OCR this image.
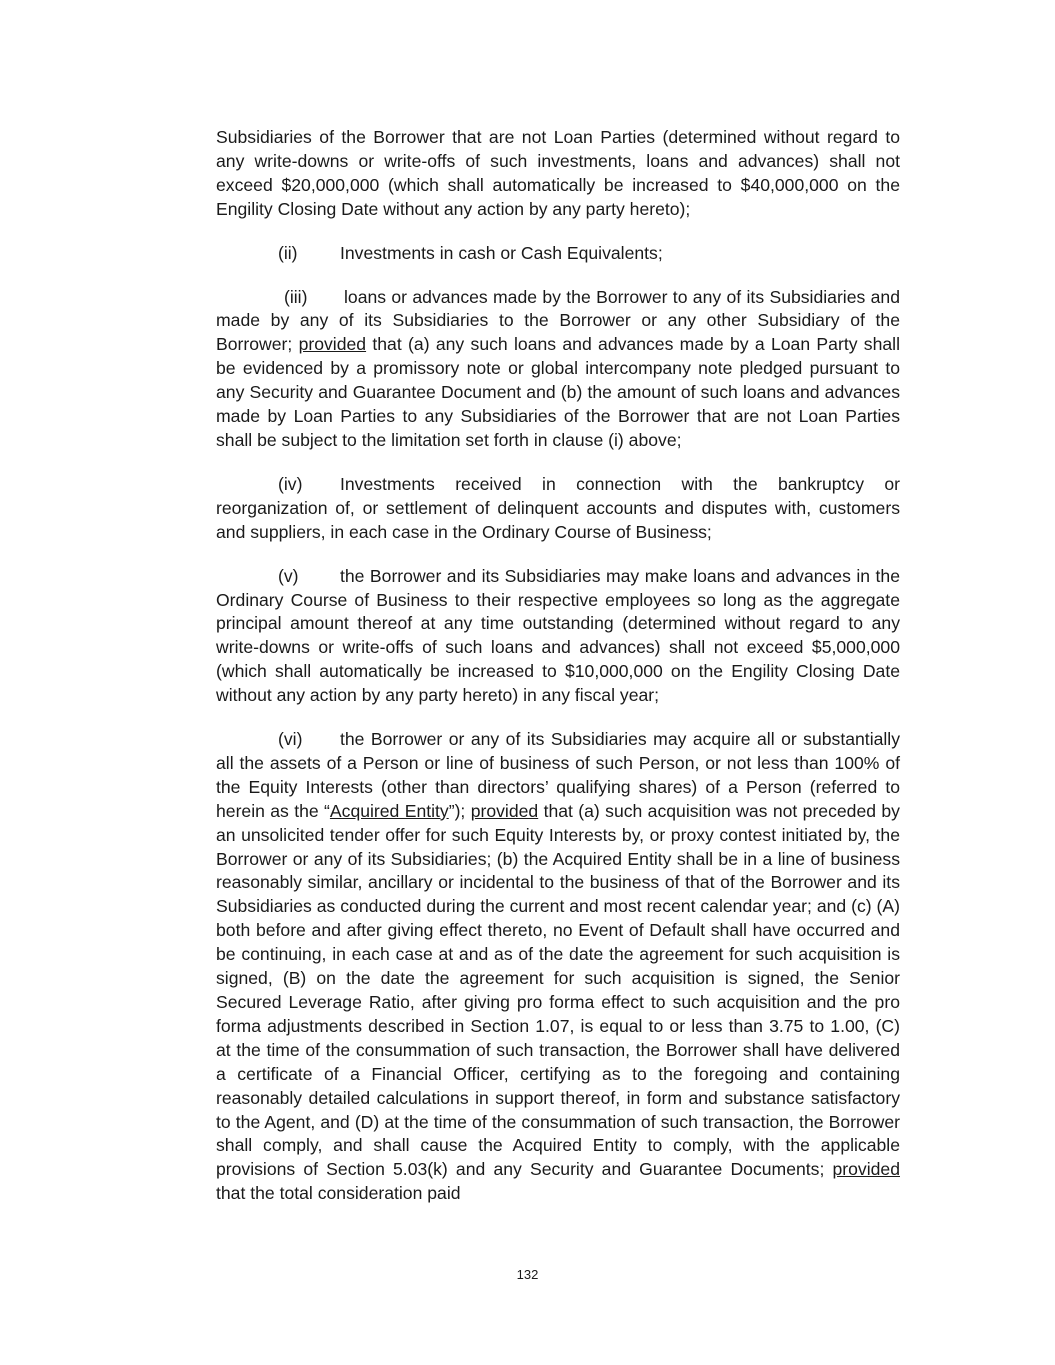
Subsidiaries of the Borrower that are not Loan Parties (determined without regard to any write-downs or write-offs of such investments, loans and advances) shall not exceed $20,000,000 (which shall automatically be increased to $40,000,000 on the Engility Closing Date without any action by any party hereto);

(ii) Investments in cash or Cash Equivalents;

(iii) loans or advances made by the Borrower to any of its Subsidiaries and made by any of its Subsidiaries to the Borrower or any other Subsidiary of the Borrower; provided that (a) any such loans and advances made by a Loan Party shall be evidenced by a promissory note or global intercompany note pledged pursuant to any Security and Guarantee Document and (b) the amount of such loans and advances made by Loan Parties to any Subsidiaries of the Borrower that are not Loan Parties shall be subject to the limitation set forth in clause (i) above;

(iv) Investments received in connection with the bankruptcy or reorganization of, or settlement of delinquent accounts and disputes with, customers and suppliers, in each case in the Ordinary Course of Business;

(v) the Borrower and its Subsidiaries may make loans and advances in the Ordinary Course of Business to their respective employees so long as the aggregate principal amount thereof at any time outstanding (determined without regard to any write-downs or write-offs of such loans and advances) shall not exceed $5,000,000 (which shall automatically be increased to $10,000,000 on the Engility Closing Date without any action by any party hereto) in any fiscal year;

(vi) the Borrower or any of its Subsidiaries may acquire all or substantially all the assets of a Person or line of business of such Person, or not less than 100% of the Equity Interests (other than directors’ qualifying shares) of a Person (referred to herein as the “Acquired Entity”); provided that (a) such acquisition was not preceded by an unsolicited tender offer for such Equity Interests by, or proxy contest initiated by, the Borrower or any of its Subsidiaries; (b) the Acquired Entity shall be in a line of business reasonably similar, ancillary or incidental to the business of that of the Borrower and its Subsidiaries as conducted during the current and most recent calendar year; and (c) (A) both before and after giving effect thereto, no Event of Default shall have occurred and be continuing, in each case at and as of the date the agreement for such acquisition is signed, (B) on the date the agreement for such acquisition is signed, the Senior Secured Leverage Ratio, after giving pro forma effect to such acquisition and the pro forma adjustments described in Section 1.07, is equal to or less than 3.75 to 1.00, (C) at the time of the consummation of such transaction, the Borrower shall have delivered a certificate of a Financial Officer, certifying as to the foregoing and containing reasonably detailed calculations in support thereof, in form and substance satisfactory to the Agent, and (D) at the time of the consummation of such transaction, the Borrower shall comply, and shall cause the Acquired Entity to comply, with the applicable provisions of Section 5.03(k) and any Security and Guarantee Documents; provided that the total consideration paid

132
